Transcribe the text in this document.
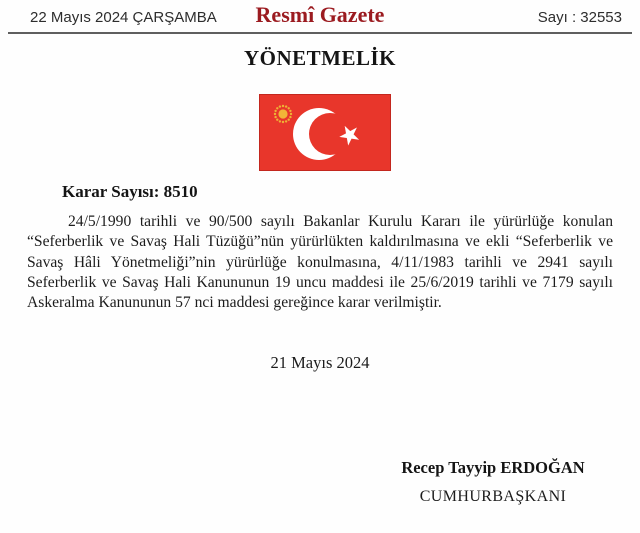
22 Mayıs 2024 ÇARŞAMBA	Resmî Gazete	Sayı : 32553
YÖNETMELİK
★
Karar Sayısı: 8510
24/5/1990 tarihli ve 90/500 sayılı Bakanlar Kurulu Kararı ile yürürlüğe konulan “Seferberlik ve Savaş Hali Tüzüğü”nün yürürlükten kaldırılmasına ve ekli “Seferberlik ve Savaş Hâli Yönetmeliği”nin yürürlüğe konulmasına, 4/11/1983 tarihli ve 2941 sayılı Seferberlik ve Savaş Hali Kanununun 19 uncu maddesi ile 25/6/2019 tarihli ve 7179 sayılı Askeralma Kanununun 57 nci maddesi gereğince karar verilmiştir.
21 Mayıs 2024
Recep Tayyip ERDOĞAN
CUMHURBAŞKANI
